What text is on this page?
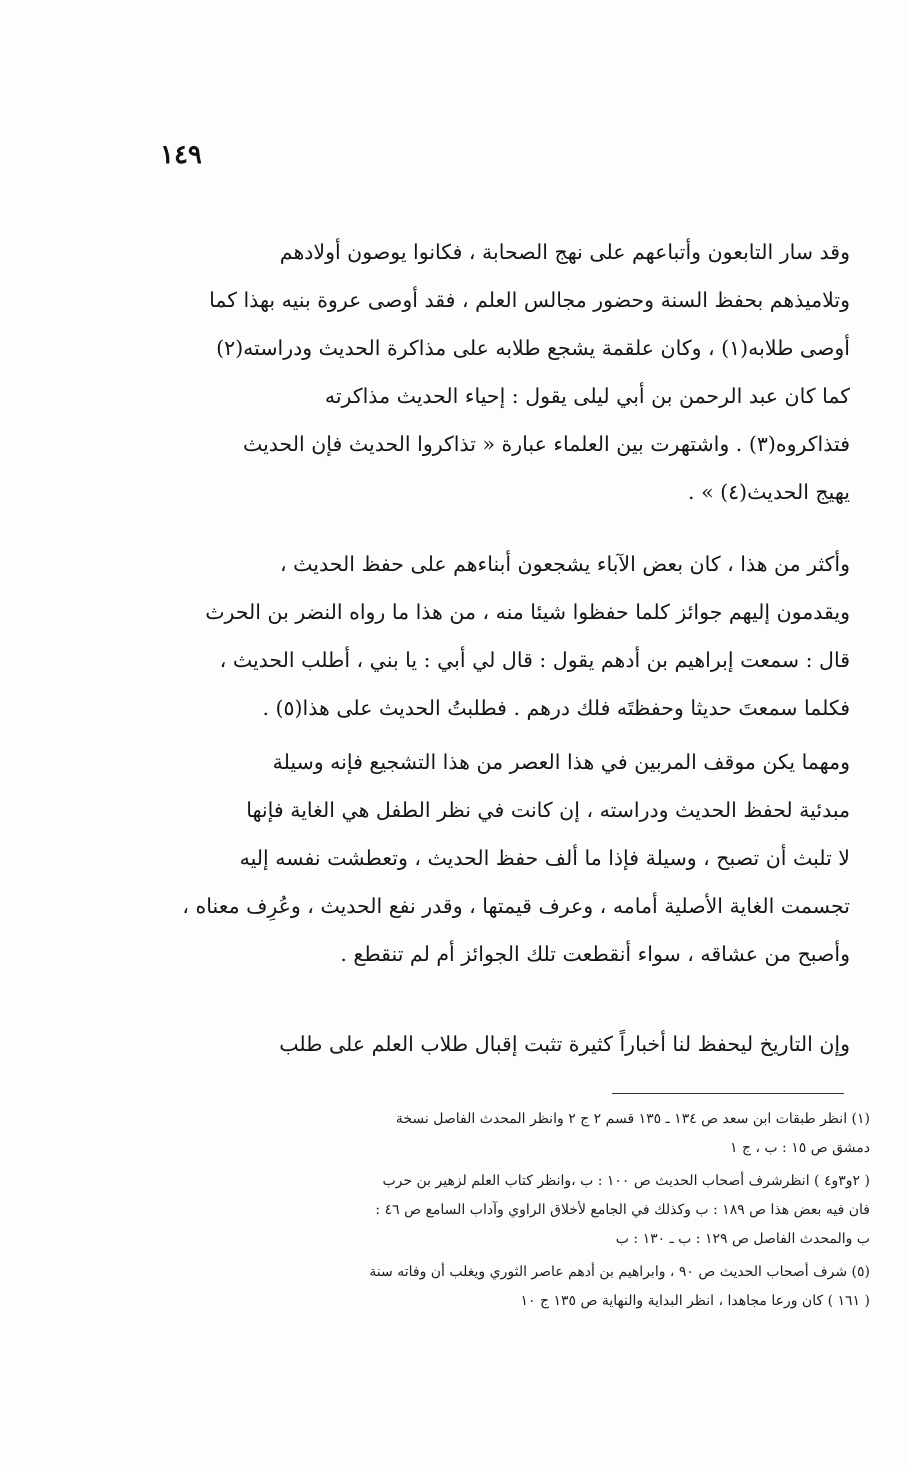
١٤٩

وقد سار التابعون وأتباعهم على نهج الصحابة ، فكانوا يوصون أولادهم

وتلاميذهم بحفظ السنة وحضور مجالس العلم ، فقد أوصى عروة بنيه بهذا كما

أوصى طلابه(١) ، وكان علقمة يشجع طلابه على مذاكرة الحديث ودراسته(٢)

كما كان عبد الرحمن بن أبي ليلى يقول : إحياء الحديث مذاكرته

فتذاكروه(٣) . واشتهرت بين العلماء عبارة « تذاكروا الحديث فإن الحديث

يهيج الحديث(٤) » .

وأكثر من هذا ، كان بعض الآباء يشجعون أبناءهم على حفظ الحديث ،

ويقدمون إليهم جوائز كلما حفظوا شيئا منه ، من هذا ما رواه النضر بن الحرث

قال : سمعت إبراهيم بن أدهم يقول : قال لي أبي : يا بني ، أطلب الحديث ،

فكلما سمعتَ حديثا وحفظتَه فلك درهم . فطلبتُ الحديث على هذا(٥) .

ومهما يكن موقف المربين في هذا العصر من هذا التشجيع فإنه وسيلة

مبدئية لحفظ الحديث ودراسته ، إن كانت في نظر الطفل هي الغاية فإنها

لا تلبث أن تصبح ، وسيلة فإذا ما ألف حفظ الحديث ، وتعطشت نفسه إليه

تجسمت الغاية الأصلية أمامه ، وعرف قيمتها ، وقدر نفع الحديث ، وعُرِف معناه ،

وأصبح من عشاقه ، سواء أنقطعت تلك الجوائز أم لم تنقطع .

وإن التاريخ ليحفظ لنا أخباراً كثيرة تثبت إقبال طلاب العلم على طلب

(١) انظر طبقات ابن سعد ص ١٣٤ ـ ١٣٥ قسم ٢ ج ٢ وانظر المحدث الفاصل نسخة

دمشق ص ١٥ : ب ، ج ١

( ٢و٣و٤ ) انظرشرف أصحاب الحديث ص ١٠٠ : ب ،وانظر كتاب العلم لزهير بن حرب

فان فيه بعض هذا ص ١٨٩ : ب وكذلك في الجامع لأخلاق الراوي وآداب السامع ص ٤٦ :

ب والمحدث الفاصل ص ١٢٩ : ب ـ ١٣٠ : ب

(٥) شرف أصحاب الحديث ص ٩٠ ، وابراهيم بن أدهم عاصر الثوري ويغلب أن وفاته سنة

( ١٦١ ) كان ورعا مجاهدا ، انظر البداية والنهاية ص ١٣٥ ج ١٠
